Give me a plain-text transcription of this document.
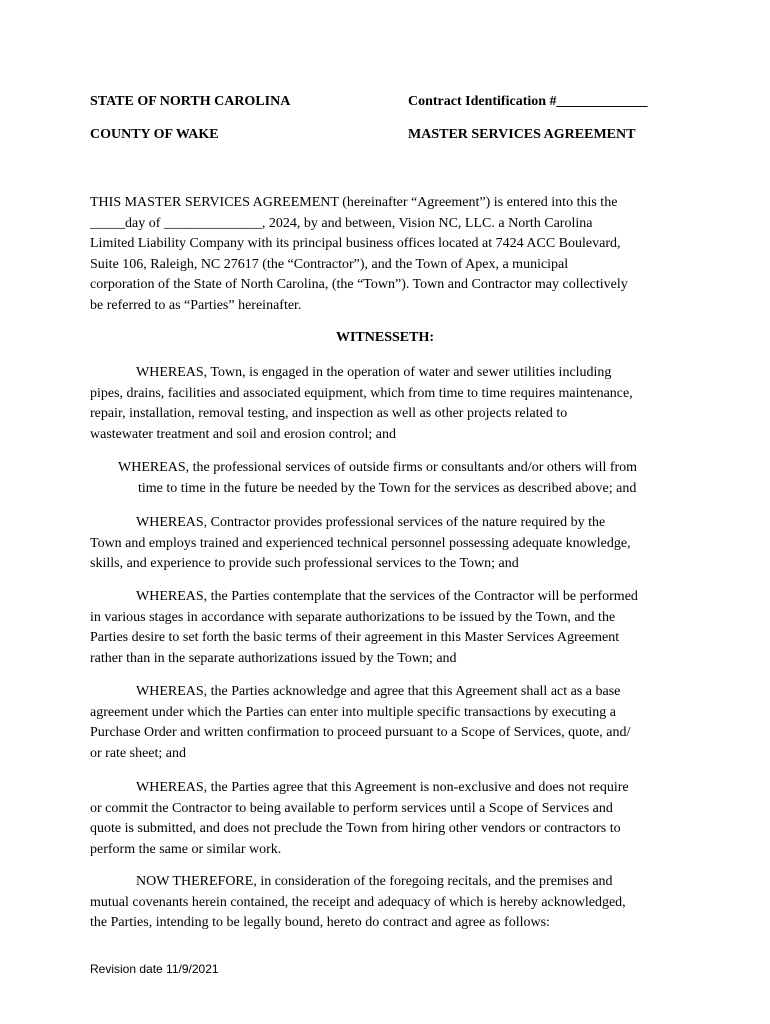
STATE OF NORTH CAROLINA	Contract Identification #_____________
COUNTY OF WAKE	MASTER SERVICES AGREEMENT
THIS MASTER SERVICES AGREEMENT (hereinafter “Agreement”) is entered into this the
_____day of ______________, 2024, by and between, Vision NC, LLC. a North Carolina
Limited Liability Company with its principal business offices located at 7424 ACC Boulevard,
Suite 106, Raleigh, NC 27617 (the “Contractor”), and the Town of Apex, a municipal
corporation of the State of North Carolina, (the “Town”). Town and Contractor may collectively
be referred to as “Parties” hereinafter.
WITNESSETH:
WHEREAS, Town, is engaged in the operation of water and sewer utilities including
pipes, drains, facilities and associated equipment, which from time to time requires maintenance,
repair, installation, removal testing, and inspection as well as other projects related to
wastewater treatment and soil and erosion control; and
WHEREAS, the professional services of outside firms or consultants and/or others will from
time to time in the future be needed by the Town for the services as described above; and
WHEREAS, Contractor provides professional services of the nature required by the
Town and employs trained and experienced technical personnel possessing adequate knowledge,
skills, and experience to provide such professional services to the Town; and
WHEREAS, the Parties contemplate that the services of the Contractor will be performed
in various stages in accordance with separate authorizations to be issued by the Town, and the
Parties desire to set forth the basic terms of their agreement in this Master Services Agreement
rather than in the separate authorizations issued by the Town; and
WHEREAS, the Parties acknowledge and agree that this Agreement shall act as a base
agreement under which the Parties can enter into multiple specific transactions by executing a
Purchase Order and written confirmation to proceed pursuant to a Scope of Services, quote, and/
or rate sheet; and
WHEREAS, the Parties agree that this Agreement is non-exclusive and does not require
or commit the Contractor to being available to perform services until a Scope of Services and
quote is submitted, and does not preclude the Town from hiring other vendors or contractors to
perform the same or similar work.
NOW THEREFORE, in consideration of the foregoing recitals, and the premises and
mutual covenants herein contained, the receipt and adequacy of which is hereby acknowledged,
the Parties, intending to be legally bound, hereto do contract and agree as follows:
Revision date 11/9/2021
